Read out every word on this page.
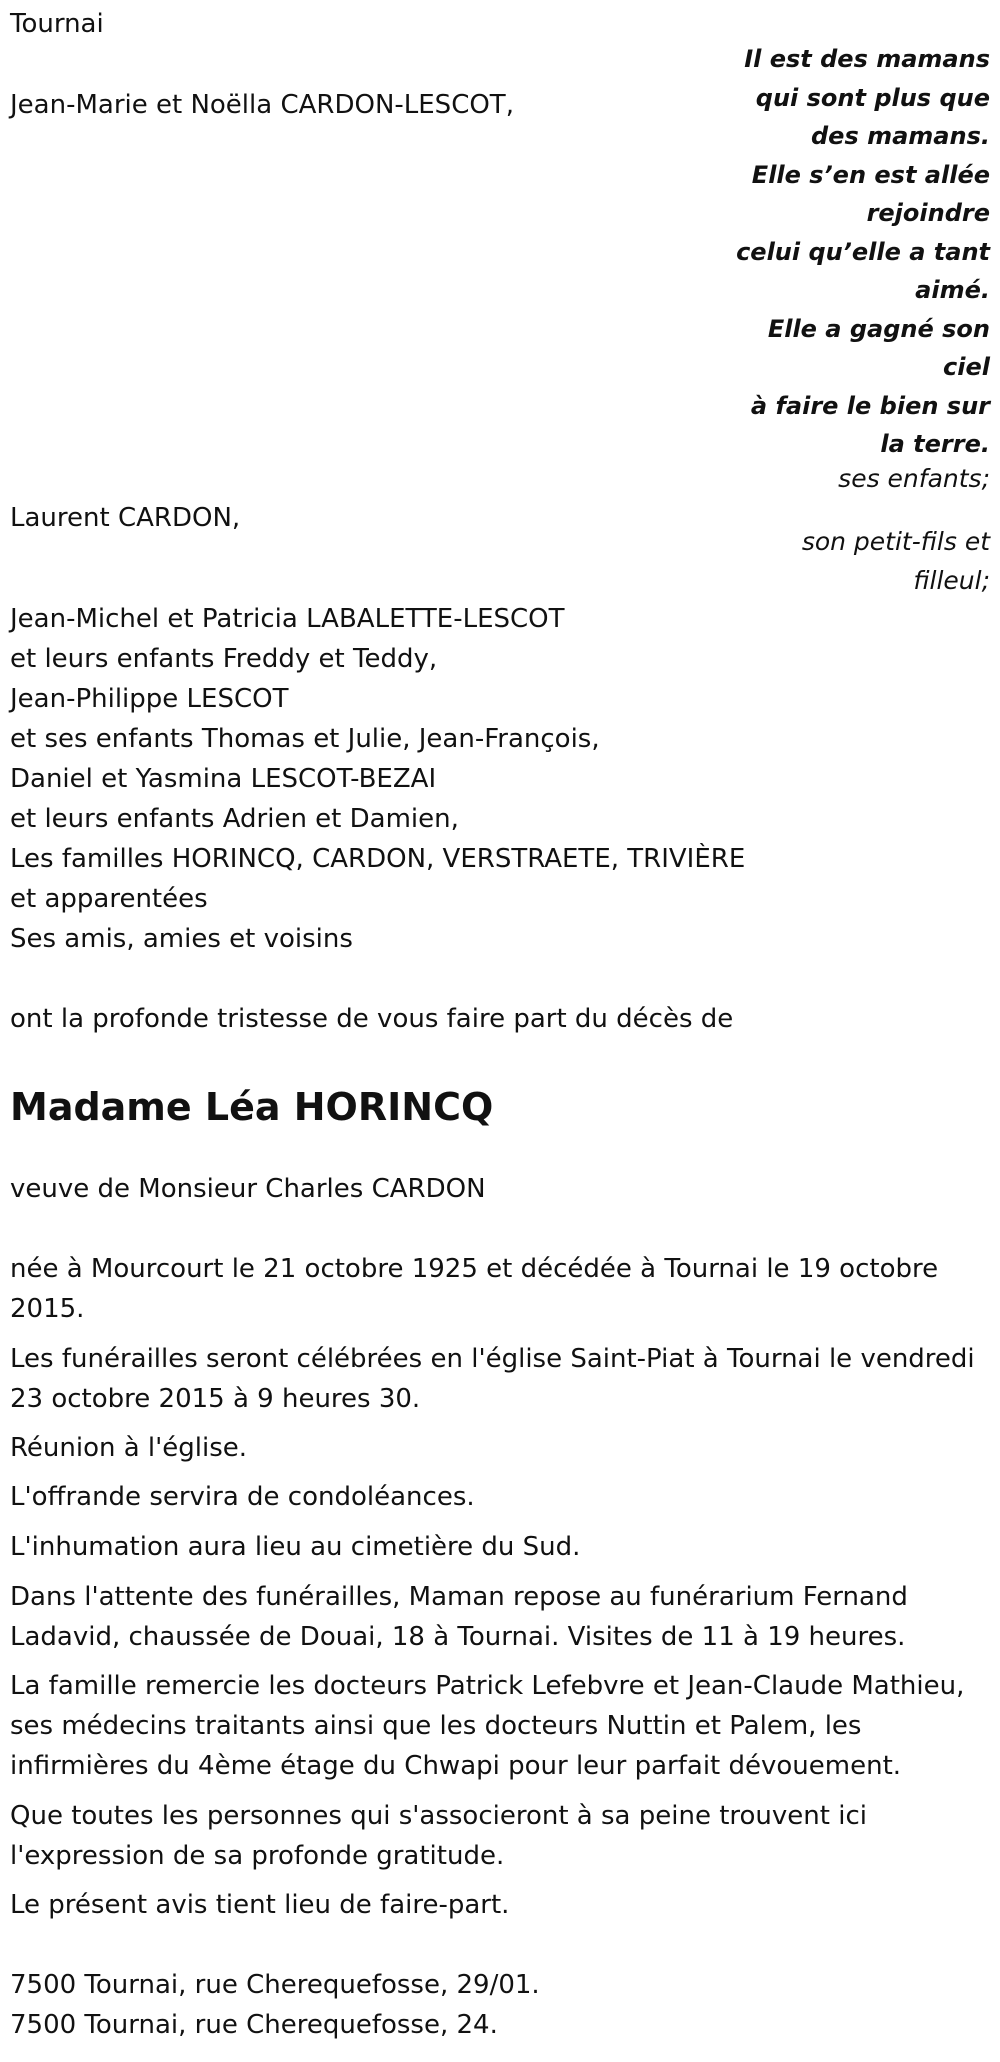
Tournai

Il est des mamans
qui sont plus que
des mamans.
Elle s’en est allée
rejoindre
celui qu’elle a tant
aimé.
Elle a gagné son
ciel
à faire le bien sur
la terre.

Jean-Marie et Noëlla CARDON-LESCOT,

ses enfants;

Laurent CARDON,

son petit-fils et
filleul;

Jean-Michel et Patricia LABALETTE-LESCOT

et leurs enfants Freddy et Teddy,

Jean-Philippe LESCOT

et ses enfants Thomas et Julie, Jean-François,

Daniel et Yasmina LESCOT-BEZAI

et leurs enfants Adrien et Damien,

Les familles HORINCQ, CARDON, VERSTRAETE, TRIVIÈRE

et apparentées

Ses amis, amies et voisins

ont la profonde tristesse de vous faire part du décès de

Madame Léa HORINCQ

veuve de Monsieur Charles CARDON

née à Mourcourt le 21 octobre 1925 et décédée à Tournai le 19 octobre 2015.

Les funérailles seront célébrées en l'église Saint-Piat à Tournai le vendredi 23 octobre 2015 à 9 heures 30.

Réunion à l'église.

L'offrande servira de condoléances.

L'inhumation aura lieu au cimetière du Sud.

Dans l'attente des funérailles, Maman repose au funérarium Fernand Ladavid, chaussée de Douai, 18 à Tournai. Visites de 11 à 19 heures.

La famille remercie les docteurs Patrick Lefebvre et Jean-Claude Mathieu, ses médecins traitants ainsi que les docteurs Nuttin et Palem, les infirmières du 4ème étage du Chwapi pour leur parfait dévouement.

Que toutes les personnes qui s'associeront à sa peine trouvent ici l'expression de sa profonde gratitude.

Le présent avis tient lieu de faire-part.

7500 Tournai, rue Cherequefosse, 29/01.

7500 Tournai, rue Cherequefosse, 24.
